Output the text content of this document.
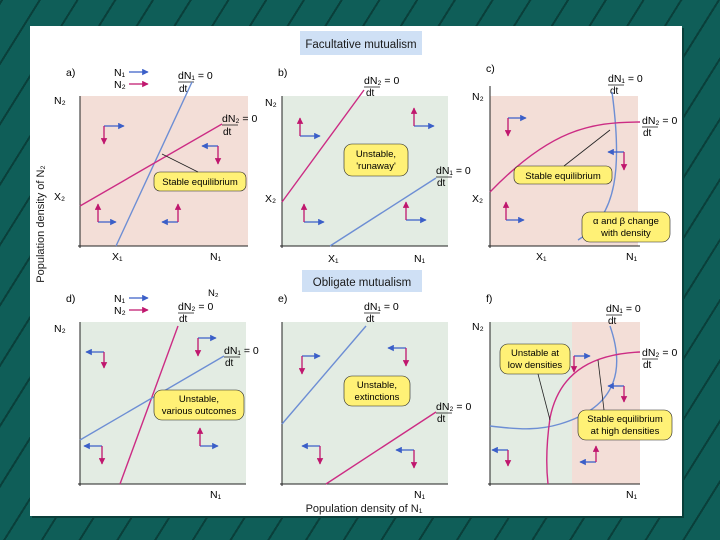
Facultative mutualism
Obligate mutualism
Population density of N₂
Population density of N₁
a)	N₁
N₂
dN₁ = 0
dt
dN₂ = 0
dt
N₂
X₂
N₁
X₁
Stable equilibrium
b)
dN₂ = 0
dt
dN₁ = 0
dt
N₂
X₂
N₁
X₁
Unstable,
'runaway'
c)
dN₁ = 0
dt
dN₂ = 0
dt
N₂
X₂
N₁
X₁
Stable equilibrium
α and β change
with density
d)	N₁
N₂
N₂
dN₂ = 0
dt
dN₁ = 0
dt
N₂
N₁
Unstable,
various outcomes
e)
dN₁ = 0
dt
dN₂ = 0
dt
N₁
Unstable,
extinctions
f)
dN₁ = 0
dt
dN₂ = 0
dt
N₂
N₁
Unstable at
low densities
Stable equilibrium
at high densities
